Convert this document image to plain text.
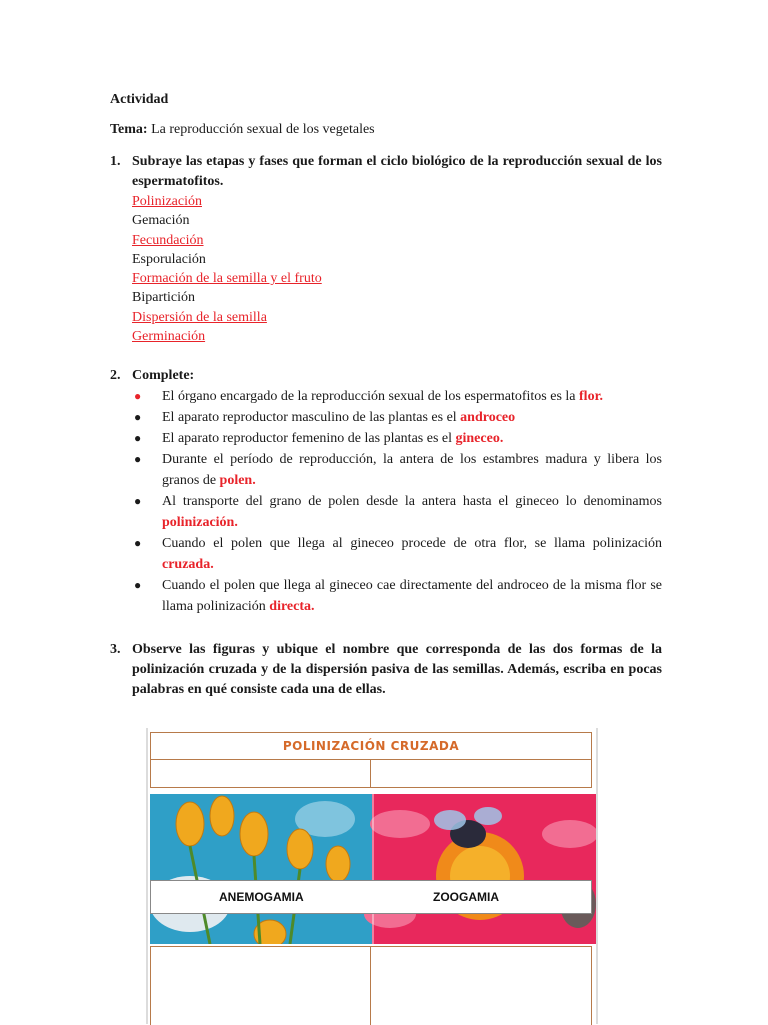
Actividad
Tema: La reproducción sexual de los vegetales
1. Subraye las etapas y fases que forman el ciclo biológico de la reproducción sexual de los espermatofitos.
Polinización
Gemación
Fecundación
Esporulación
Formación de la semilla y el fruto
Bipartición
Dispersión de la semilla
Germinación
2. Complete:
● El órgano encargado de la reproducción sexual de los espermatofitos es la flor.
● El aparato reproductor masculino de las plantas es el androceo
● El aparato reproductor femenino de las plantas es el gineceo.
● Durante el período de reproducción, la antera de los estambres madura y libera los granos de polen.
● Al transporte del grano de polen desde la antera hasta el gineceo lo denominamos polinización.
● Cuando el polen que llega al gineceo procede de otra flor, se llama polinización cruzada.
● Cuando el polen que llega al gineceo cae directamente del androceo de la misma flor se llama polinización directa.
3. Observe las figuras y ubique el nombre que corresponda de las dos formas de la polinización cruzada y de la dispersión pasiva de las semillas. Además, escriba en pocas palabras en qué consiste cada una de ellas.
POLINIZACIÓN CRUZADA
ANEMOGAMIA	ZOOGAMIA
